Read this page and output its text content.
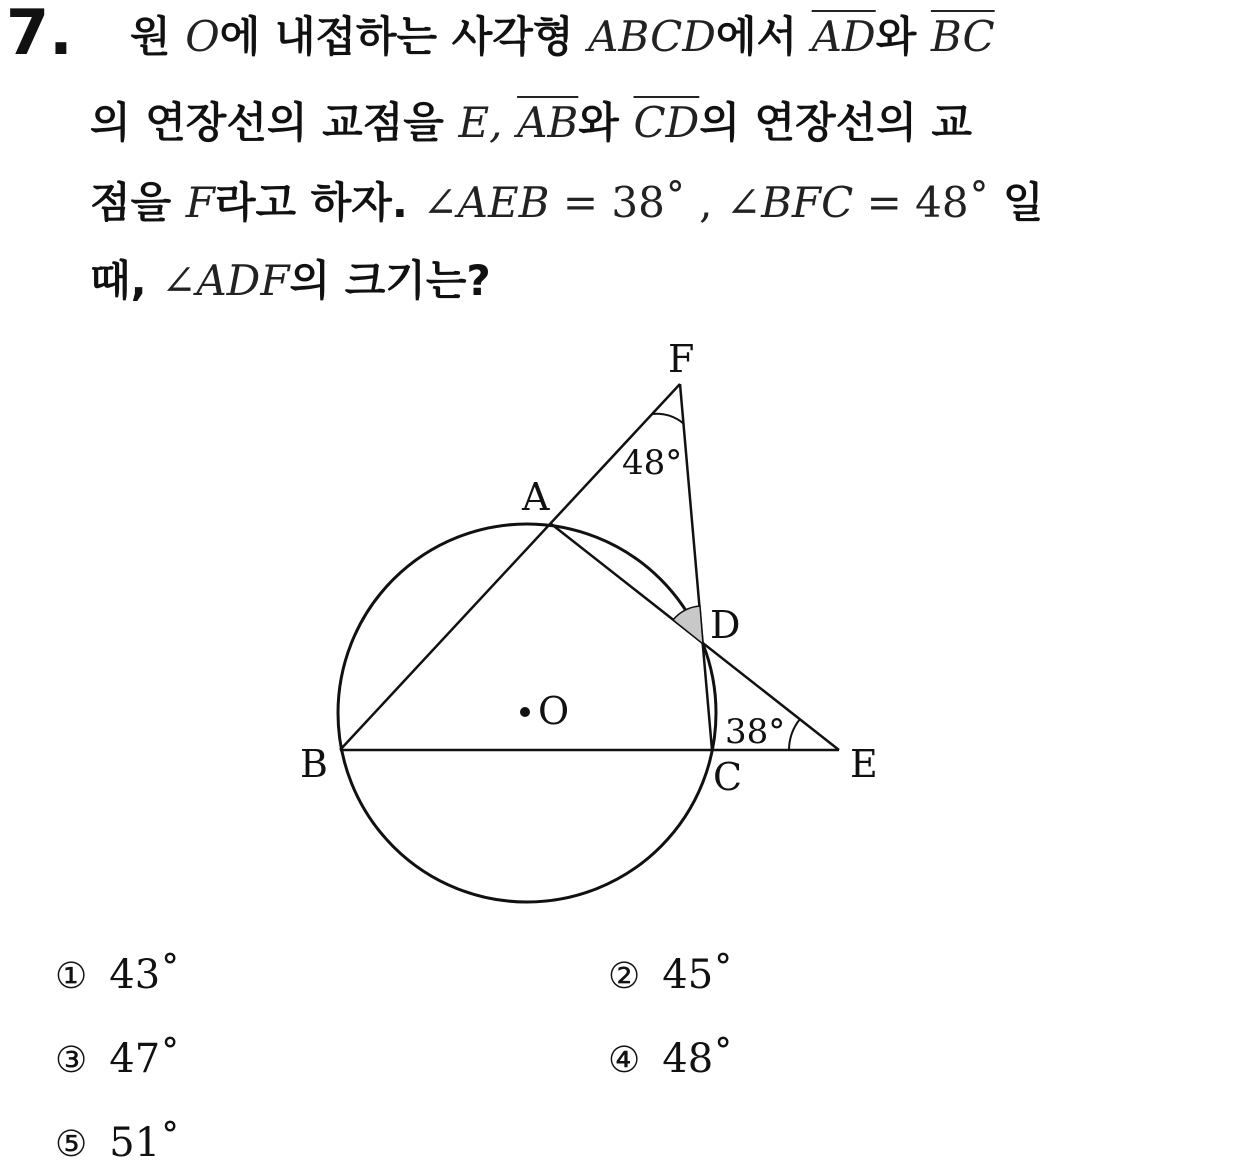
7. 원 O에 내접하는 사각형 ABCD에서 $\overline{AD}$와 $\overline{BC}$
의 연장선의 교점을 E, $\overline{AB}$와 $\overline{CD}$의 연장선의 교
점을 F라고 하자. ∠AEB = 38˚ , ∠BFC = 48˚ 일
때, ∠ADF의 크기는?
F
A
D
O
B	C	E
48°
38°
① 43˚	② 45˚
③ 47˚	④ 48˚
⑤ 51˚
